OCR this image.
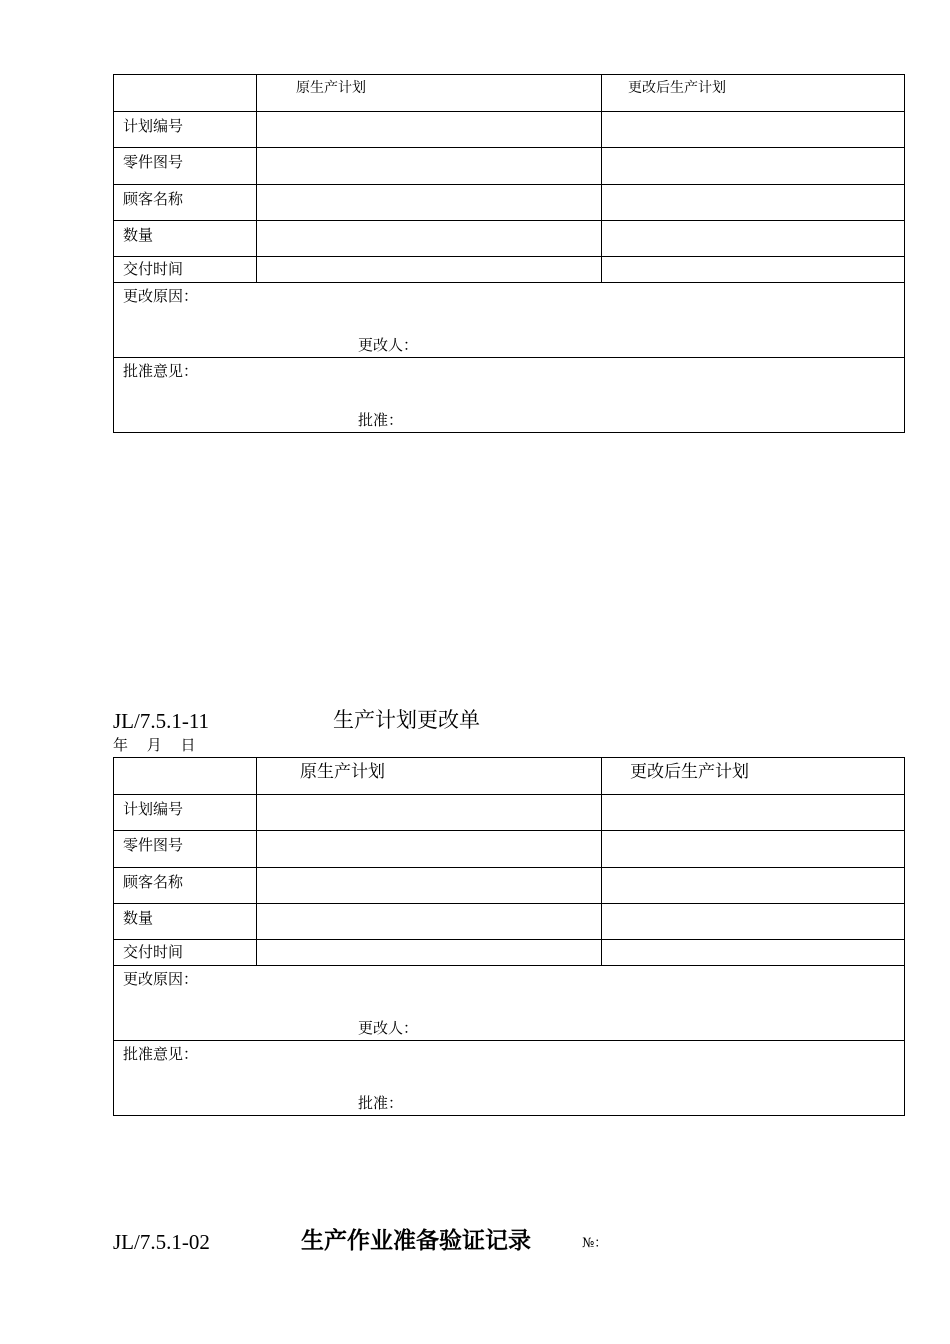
	原生产计划	更改后生产计划

计划编号		

零件图号		

顾客名称		

数量		

交付时间		

更改原因：
更改人：		

批准意见：
批准：		
JL/7.5.1-11	生产计划更改单
年 月 日

	原生产计划	更改后生产计划

计划编号		

零件图号		

顾客名称		

数量		

交付时间		

更改原因：
更改人：		

批准意见：
批准：		
JL/7.5.1-02	生产作业准备验证记录	№：
